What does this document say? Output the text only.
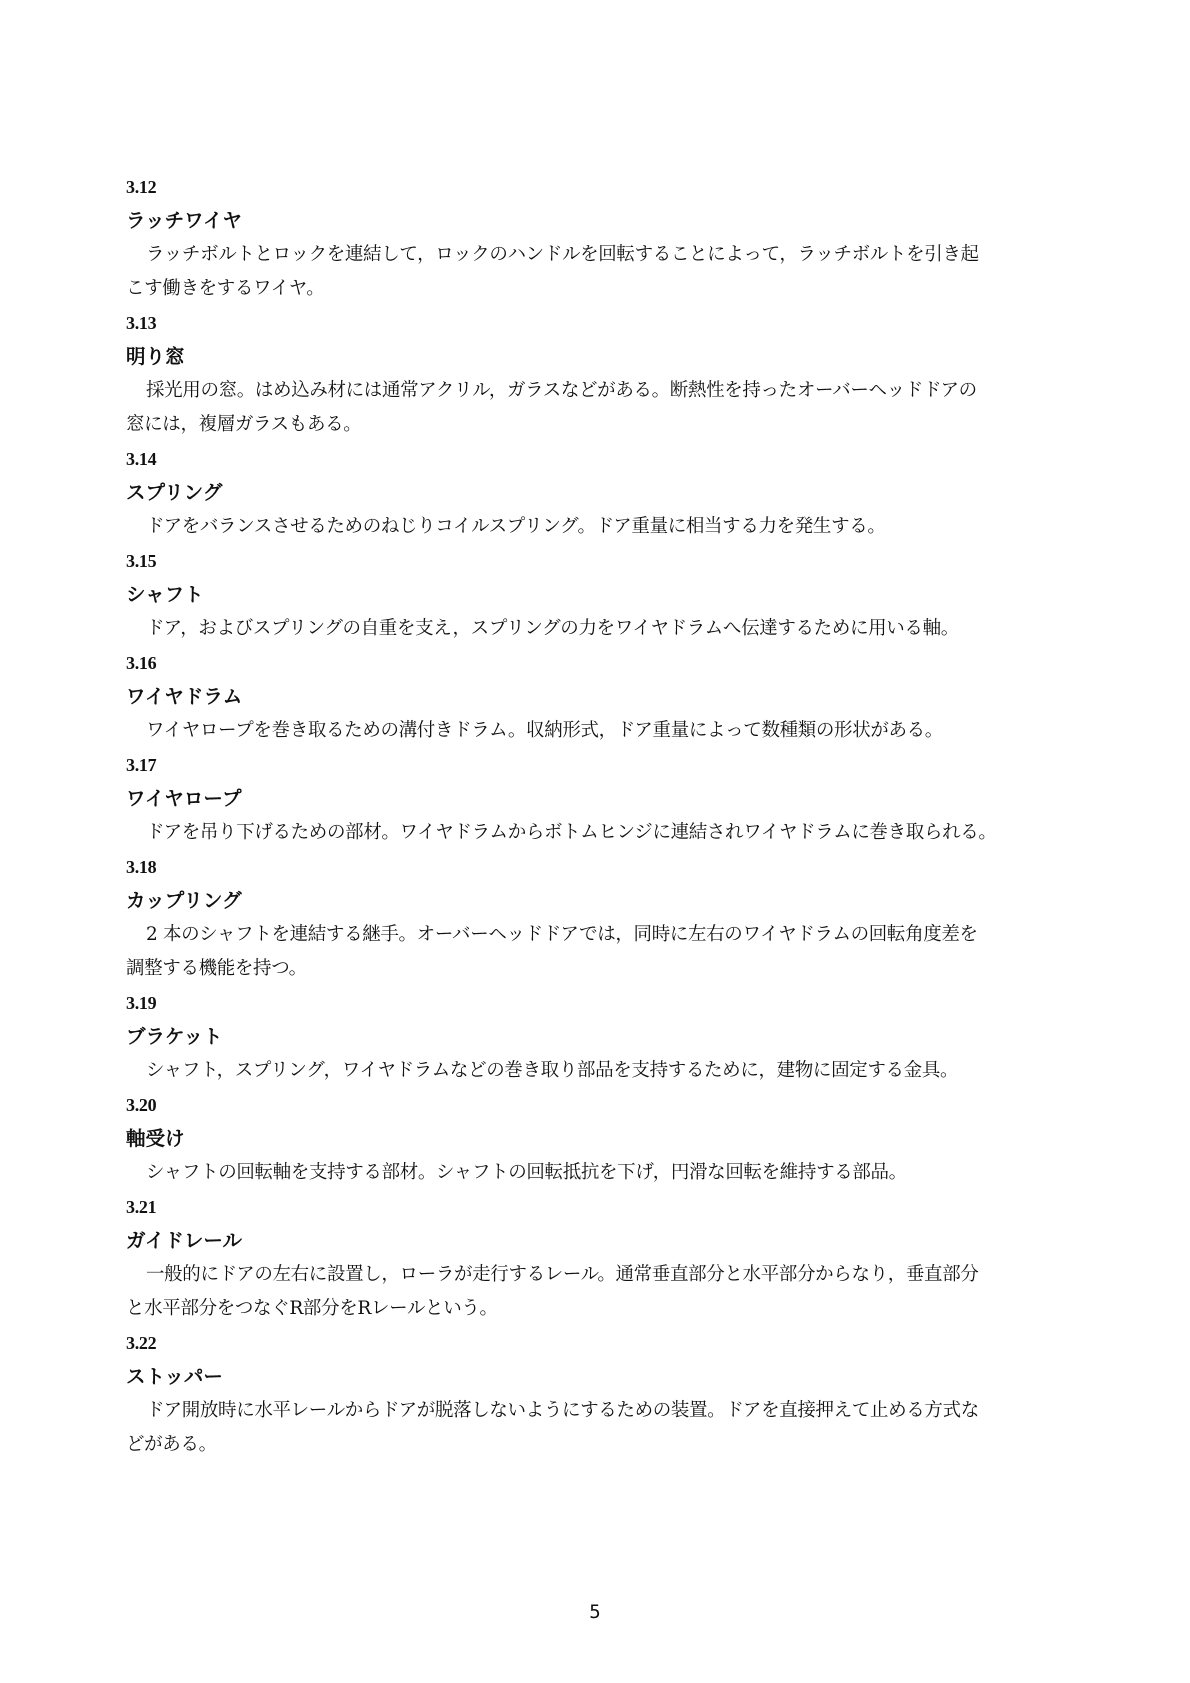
3.12
ラッチワイヤ
ラッチボルトとロックを連結して，ロックのハンドルを回転することによって，ラッチボルトを引き起
こす働きをするワイヤ。
3.13
明り窓
採光用の窓。はめ込み材には通常アクリル，ガラスなどがある。断熱性を持ったオーバーヘッドドアの
窓には，複層ガラスもある。
3.14
スプリング
ドアをバランスさせるためのねじりコイルスプリング。ドア重量に相当する力を発生する。
3.15
シャフト
ドア，およびスプリングの自重を支え，スプリングの力をワイヤドラムへ伝達するために用いる軸。
3.16
ワイヤドラム
ワイヤロープを巻き取るための溝付きドラム。収納形式，ドア重量によって数種類の形状がある。
3.17
ワイヤロープ
ドアを吊り下げるための部材。ワイヤドラムからボトムヒンジに連結されワイヤドラムに巻き取られる。
3.18
カップリング
2 本のシャフトを連結する継手。オーバーヘッドドアでは，同時に左右のワイヤドラムの回転角度差を
調整する機能を持つ。
3.19
ブラケット
シャフト，スプリング，ワイヤドラムなどの巻き取り部品を支持するために，建物に固定する金具。
3.20
軸受け
シャフトの回転軸を支持する部材。シャフトの回転抵抗を下げ，円滑な回転を維持する部品。
3.21
ガイドレール
一般的にドアの左右に設置し，ローラが走行するレール。通常垂直部分と水平部分からなり，垂直部分
と水平部分をつなぐR部分をRレールという。
3.22
ストッパー
ドア開放時に水平レールからドアが脱落しないようにするための装置。ドアを直接押えて止める方式な
どがある。
5
